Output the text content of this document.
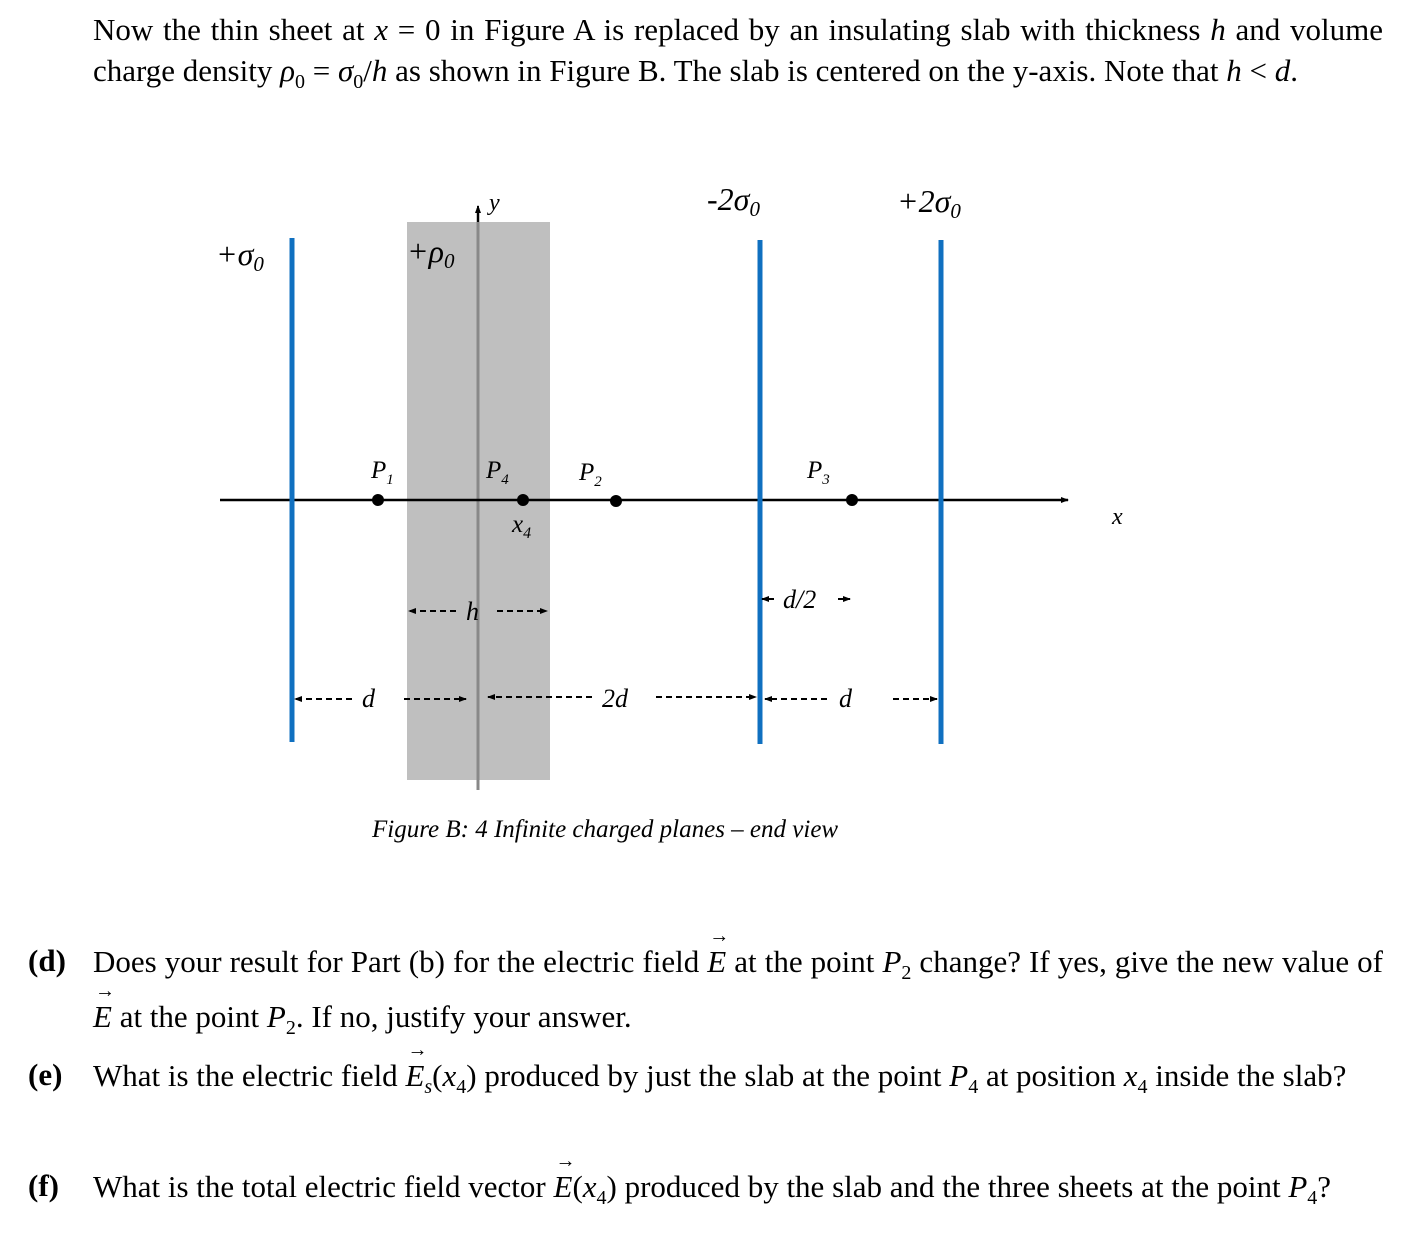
Now the thin sheet at x = 0 in Figure A is replaced by an insulating slab with thickness h and volume charge density $\rho_0 = \sigma_0/h$ as shown in Figure B. The slab is centered on the y-axis. Note that h < d.
+σ0	+ρ0
-2σ0	+2σ0
y
x
$P_1$	$P_4$	$P_2$	$P_3$
$x_4$
h	d/2
d	2d	d
Figure B: 4 Infinite charged planes – end view
(d) Does your result for Part (b) for the electric field → E at the point $P_2$ change? If yes, give the new value of → E at the point $P_2$. If no, justify your answer.
(e) What is the electric field → $E_s(x_4)$ produced by just the slab at the point $P_4$ at position $x_4$ inside the slab?
(f) What is the total electric field vector → $E(x_4)$ produced by the slab and the three sheets at the point $P_4$?
